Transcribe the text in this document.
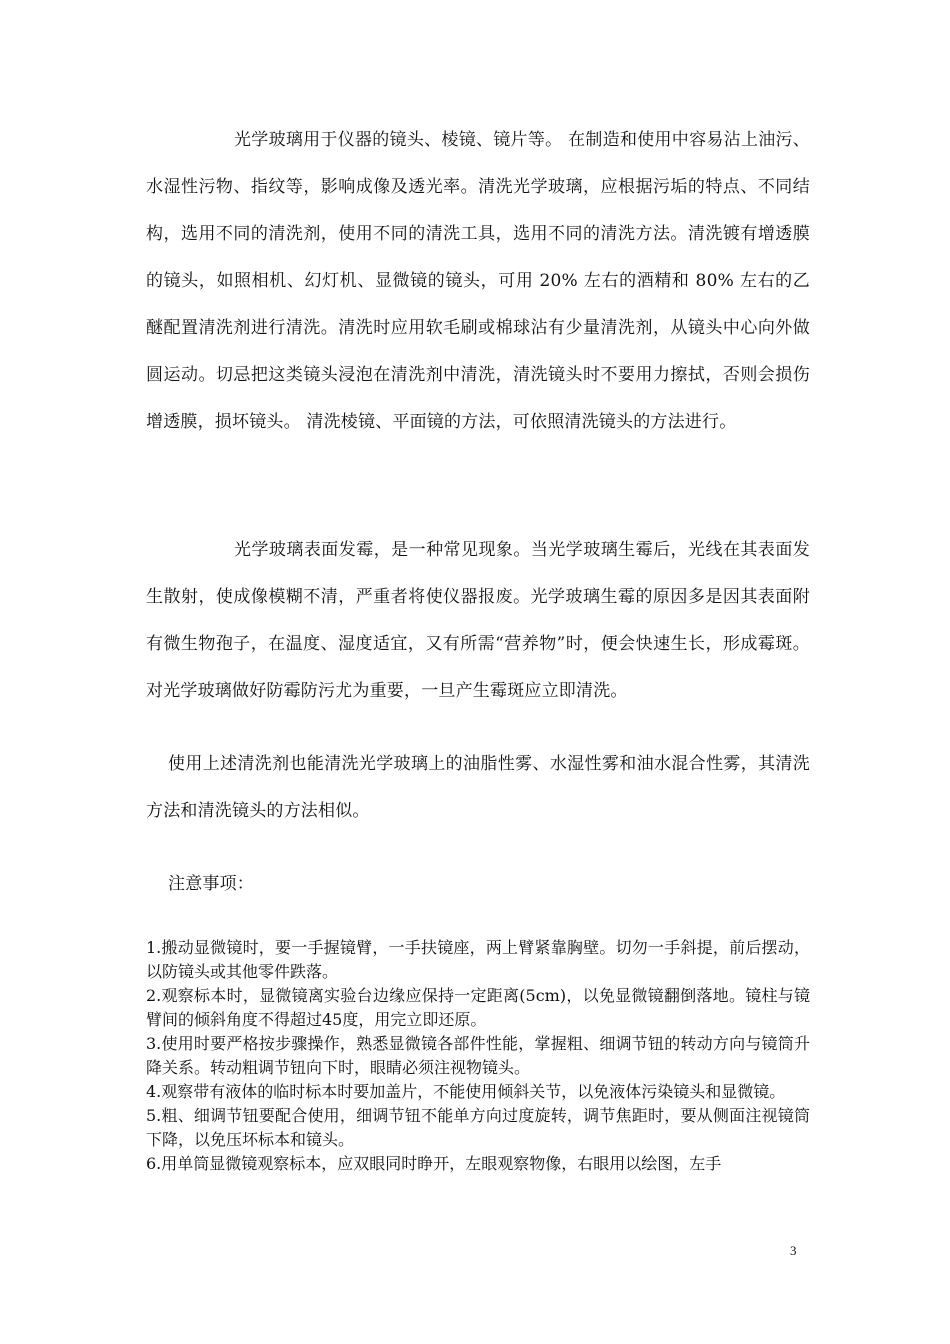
光学玻璃用于仪器的镜头、棱镜、镜片等。 在制造和使用中容易沾上油污、水湿性污物、指纹等，影响成像及透光率。清洗光学玻璃，应根据污垢的特点、不同结构，选用不同的清洗剂，使用不同的清洗工具，选用不同的清洗方法。清洗镀有增透膜的镜头，如照相机、幻灯机、显微镜的镜头，可用 20% 左右的酒精和 80% 左右的乙醚配置清洗剂进行清洗。清洗时应用软毛刷或棉球沾有少量清洗剂，从镜头中心向外做圆运动。切忌把这类镜头浸泡在清洗剂中清洗，清洗镜头时不要用力擦拭，否则会损伤增透膜，损坏镜头。 清洗棱镜、平面镜的方法，可依照清洗镜头的方法进行。
光学玻璃表面发霉，是一种常见现象。当光学玻璃生霉后，光线在其表面发生散射，使成像模糊不清，严重者将使仪器报废。光学玻璃生霉的原因多是因其表面附有微生物孢子，在温度、湿度适宜，又有所需“营养物”时，便会快速生长，形成霉斑。对光学玻璃做好防霉防污尤为重要，一旦产生霉斑应立即清洗。
使用上述清洗剂也能清洗光学玻璃上的油脂性雾、水湿性雾和油水混合性雾，其清洗方法和清洗镜头的方法相似。
注意事项：

1.搬动显微镜时，要一手握镜臂，一手扶镜座，两上臂紧靠胸壁。切勿一手斜提，前后摆动，以防镜头或其他零件跌落。

2.观察标本时，显微镜离实验台边缘应保持一定距离(5cm)，以免显微镜翻倒落地。镜柱与镜臂间的倾斜角度不得超过45度，用完立即还原。

3.使用时要严格按步骤操作，熟悉显微镜各部件性能，掌握粗、细调节钮的转动方向与镜筒升降关系。转动粗调节钮向下时，眼睛必须注视物镜头。

4.观察带有液体的临时标本时要加盖片，不能使用倾斜关节，以免液体污染镜头和显微镜。

5.粗、细调节钮要配合使用，细调节钮不能单方向过度旋转，调节焦距时，要从侧面注视镜筒下降，以免压坏标本和镜头。

6.用单筒显微镜观察标本，应双眼同时睁开，左眼观察物像，右眼用以绘图，左手

3
